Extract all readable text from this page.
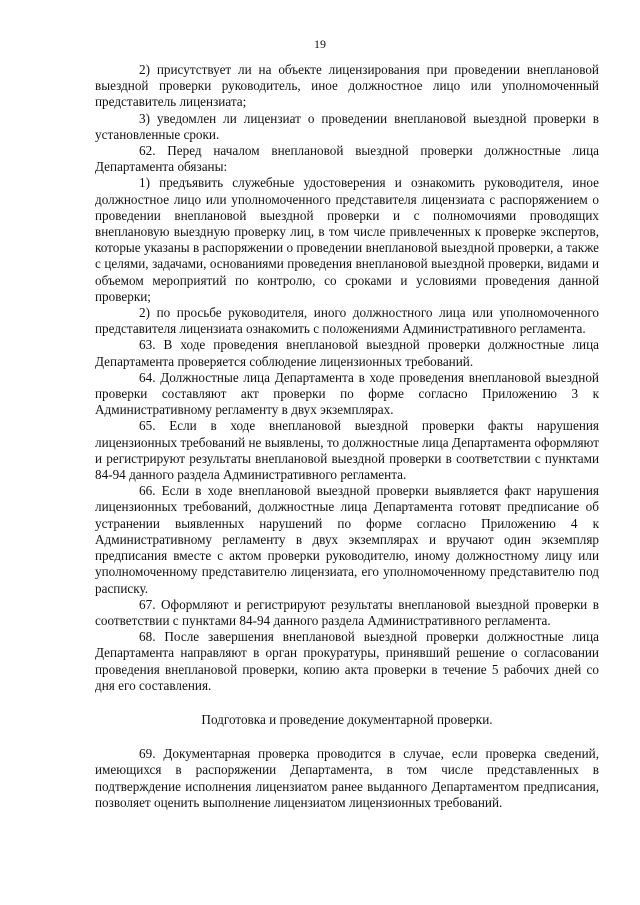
19

2) присутствует ли на объекте лицензирования при проведении внеплановой выездной проверки руководитель, иное должностное лицо или уполномоченный представитель лицензиата;

3) уведомлен ли лицензиат о проведении внеплановой выездной проверки в установленные сроки.

62. Перед началом внеплановой выездной проверки должностные лица Департамента обязаны:

1) предъявить служебные удостоверения и ознакомить руководителя, иное должностное лицо или уполномоченного представителя лицензиата с распоряжением о проведении внеплановой выездной проверки и с полномочиями проводящих внеплановую выездную проверку лиц, в том числе привлеченных к проверке экспертов, которые указаны в распоряжении о проведении внеплановой выездной проверки, а также с целями, задачами, основаниями проведения внеплановой выездной проверки, видами и объемом мероприятий по контролю, со сроками и условиями проведения данной проверки;

2) по просьбе руководителя, иного должностного лица или уполномоченного представителя лицензиата ознакомить с положениями Административного регламента.

63. В ходе проведения внеплановой выездной проверки должностные лица Департамента проверяется соблюдение лицензионных требований.

64. Должностные лица Департамента в ходе проведения внеплановой выездной проверки составляют акт проверки по форме согласно Приложению 3 к Административному регламенту в двух экземплярах.

65. Если в ходе внеплановой выездной проверки факты нарушения лицензионных требований не выявлены, то должностные лица Департамента оформляют и регистрируют результаты внеплановой выездной проверки в соответствии с пунктами 84-94 данного раздела Административного регламента.

66. Если в ходе внеплановой выездной проверки выявляется факт нарушения лицензионных требований, должностные лица Департамента готовят предписание об устранении выявленных нарушений по форме согласно Приложению 4 к Административному регламенту в двух экземплярах и вручают один экземпляр предписания вместе с актом проверки руководителю, иному должностному лицу или уполномоченному представителю лицензиата, его уполномоченному представителю под расписку.

67. Оформляют и регистрируют результаты внеплановой выездной проверки в соответствии с пунктами 84-94 данного раздела Административного регламента.

68. После завершения внеплановой выездной проверки должностные лица Департамента направляют в орган прокуратуры, принявший решение о согласовании проведения внеплановой проверки, копию акта проверки в течение 5 рабочих дней со дня его составления.

Подготовка и проведение документарной проверки.

69. Документарная проверка проводится в случае, если проверка сведений, имеющихся в распоряжении Департамента, в том числе представленных в подтверждение исполнения лицензиатом ранее выданного Департаментом предписания, позволяет оценить выполнение лицензиатом лицензионных требований.
